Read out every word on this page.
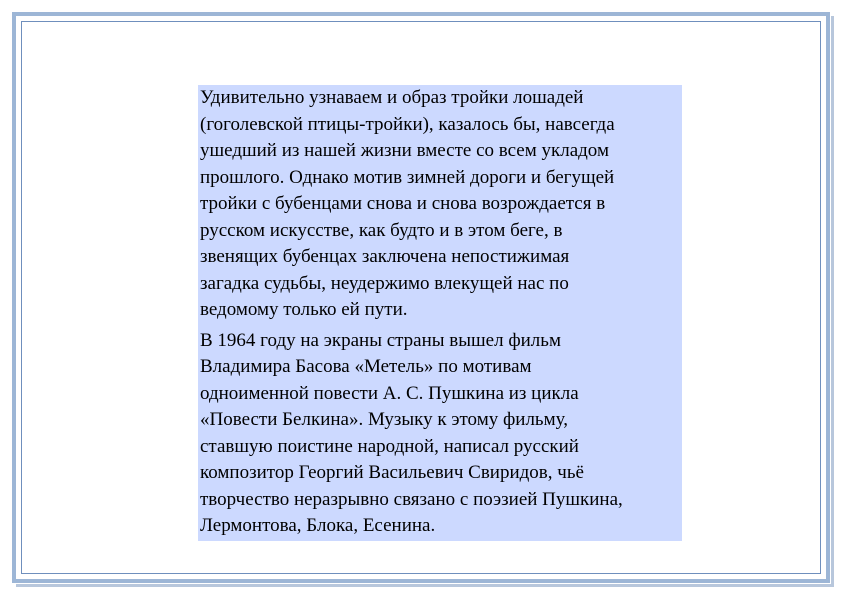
Удивительно узнаваем и образ тройки лошадей
(гоголевской птицы-тройки), казалось бы, навсегда
ушедший из нашей жизни вместе со всем укладом
прошлого. Однако мотив зимней дороги и бегущей
тройки с бубенцами снова и снова возрождается в
русском искусстве, как будто и в этом беге, в
звенящих бубенцах заключена непостижимая
загадка судьбы, неудержимо влекущей нас по
ведомому только ей пути.

В 1964 году на экраны страны вышел фильм
Владимира Басова «Метель» по мотивам
одноименной повести А. С. Пушкина из цикла
«Повести Белкина». Музыку к этому фильму,
ставшую поистине народной, написал русский
композитор Георгий Васильевич Свиридов, чьё
творчество неразрывно связано с поэзией Пушкина,
Лермонтова, Блока, Есенина.
